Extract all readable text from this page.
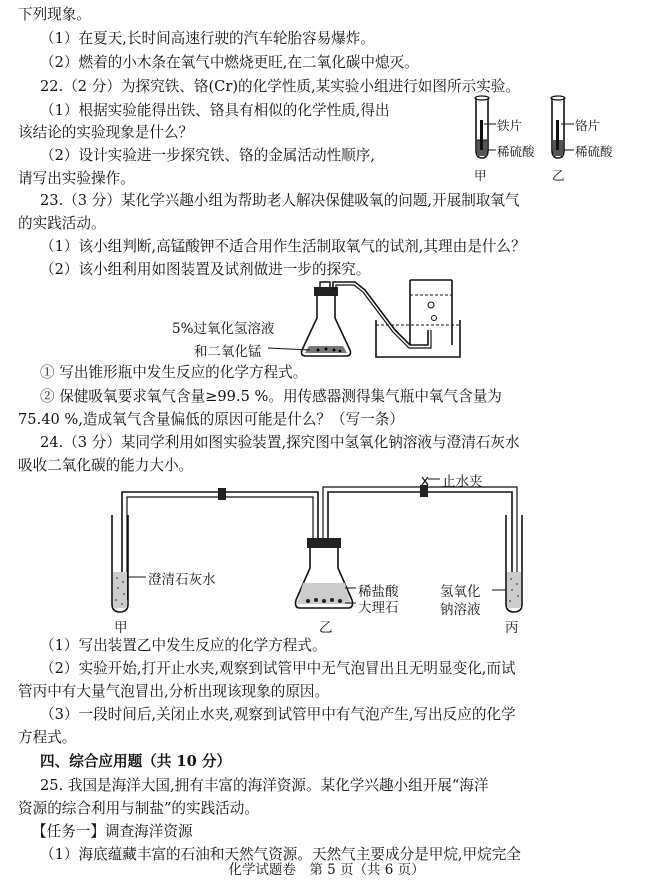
下列现象。
（1）在夏天,长时间高速行驶的汽车轮胎容易爆炸。
（2）燃着的小木条在氧气中燃烧更旺,在二氧化碳中熄灭。
22.（2 分）为探究铁、铬(Cr)的化学性质,某实验小组进行如图所示实验。
（1）根据实验能得出铁、铬具有相似的化学性质,得出
该结论的实验现象是什么？
（2）设计实验进一步探究铁、铬的金属活动性顺序,
请写出实验操作。
23.（3 分）某化学兴趣小组为帮助老人解决保健吸氧的问题,开展制取氧气
的实践活动。
（1）该小组判断,高锰酸钾不适合用作生活制取氧气的试剂,其理由是什么？
（2）该小组利用如图装置及试剂做进一步的探究。
① 写出锥形瓶中发生反应的化学方程式。
② 保健吸氧要求氧气含量≥99.5 %。用传感器测得集气瓶中氧气含量为
75.40 %,造成氧气含量偏低的原因可能是什么？（写一条）
24.（3 分）某同学利用如图实验装置,探究图中氢氧化钠溶液与澄清石灰水
吸收二氧化碳的能力大小。
（1）写出装置乙中发生反应的化学方程式。
（2）实验开始,打开止水夹,观察到试管甲中无气泡冒出且无明显变化,而试
管丙中有大量气泡冒出,分析出现该现象的原因。
（3）一段时间后,关闭止水夹,观察到试管甲中有气泡产生,写出反应的化学
方程式。
四、综合应用题（共 10 分）
25. 我国是海洋大国,拥有丰富的海洋资源。某化学兴趣小组开展“海洋
资源的综合利用与制盐”的实践活动。
【任务一】调查海洋资源
（1）海底蕴藏丰富的石油和天然气资源。天然气主要成分是甲烷,甲烷完全
铁片
稀硫酸
铬片
稀硫酸
甲	乙
5%过氧化氢溶液
和二氧化锰
止水夹
澄清石灰水
稀盐酸
大理石
氢氧化
钠溶液
甲	乙	丙
化学试题卷　第 5 页（共 6 页）
